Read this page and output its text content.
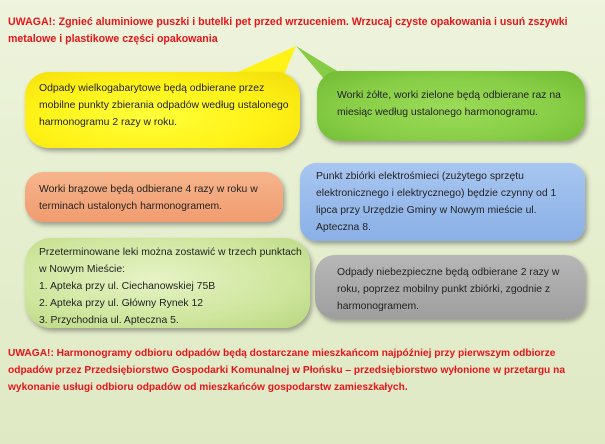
UWAGA!: Zgnieć aluminiowe puszki i butelki pet przed wrzuceniem. Wrzucaj czyste opakowania i usuń zszywki metalowe i plastikowe części opakowania

Odpady wielkogabarytowe będą odbierane przez mobilne punkty zbierania odpadów według ustalonego harmonogramu 2 razy w roku.

Worki żółte, worki zielone będą odbierane raz na miesiąc według ustalonego harmonogramu.

Worki brązowe będą odbierane 4 razy w roku w terminach ustalonych harmonogramem.

Punkt zbiórki elektrośmieci (zużytego sprzętu elektronicznego i elektrycznego) będzie czynny od 1 lipca przy Urzędzie Gminy w Nowym mieście ul. Apteczna 8.

Przeterminowane leki można zostawić w trzech punktach w Nowym Mieście:

1. Apteka przy ul. Ciechanowskiej 75B

2. Apteka przy ul. Główny Rynek 12

3. Przychodnia ul. Apteczna 5.

Odpady niebezpieczne będą odbierane 2 razy w roku, poprzez mobilny punkt zbiórki, zgodnie z harmonogramem.

UWAGA!: Harmonogramy odbioru odpadów będą dostarczane mieszkańcom najpóźniej przy pierwszym odbiorze odpadów przez Przedsiębiorstwo Gospodarki Komunalnej w Płońsku – przedsiębiorstwo wyłonione w przetargu na wykonanie usługi odbioru odpadów od mieszkańców gospodarstw zamieszkałych.
